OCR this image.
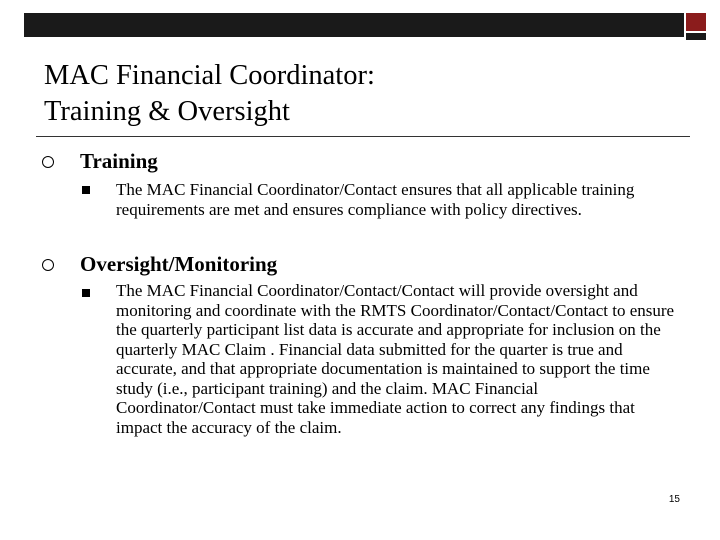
MAC Financial Coordinator:
Training & Oversight
Training

The MAC Financial Coordinator/Contact ensures that all applicable training requirements are met and ensures compliance with policy directives.

Oversight/Monitoring

The MAC Financial Coordinator/Contact/Contact will provide oversight and monitoring and coordinate with the RMTS Coordinator/Contact/Contact to ensure the quarterly participant list data is accurate and appropriate for inclusion on the quarterly MAC Claim . Financial data submitted for the quarter is true and accurate, and that appropriate documentation is maintained to support the time study (i.e., participant training) and the claim. MAC Financial Coordinator/Contact must take immediate action to correct any findings that impact the accuracy of the claim.

15
